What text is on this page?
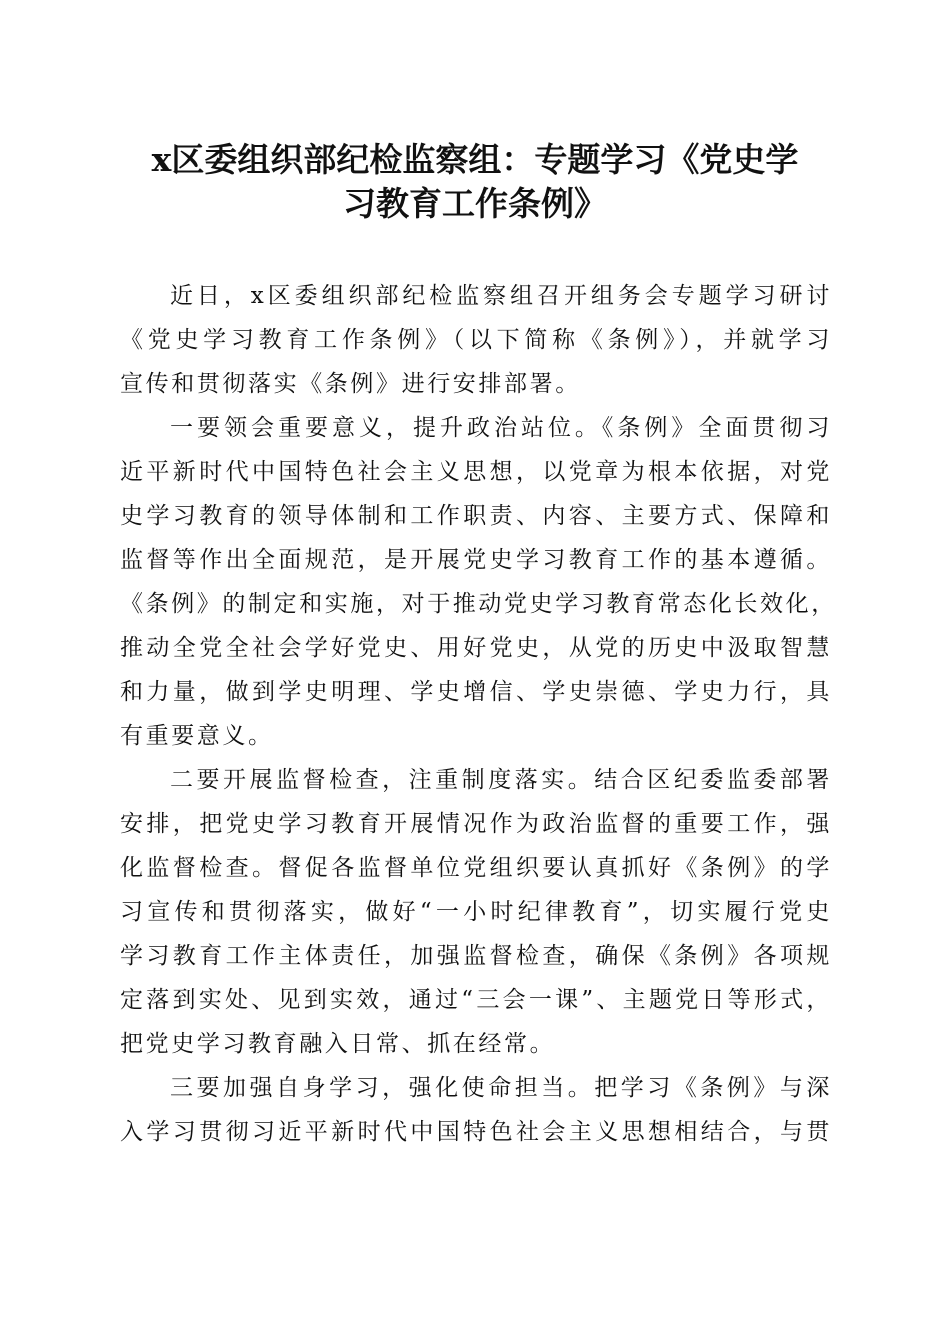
x区委组织部纪检监察组：专题学习《党史学
习教育工作条例》
近日，x区委组织部纪检监察组召开组务会专题学习研讨
《党史学习教育工作条例》（以下简称《条例》），并就学习
宣传和贯彻落实《条例》进行安排部署。
一要领会重要意义，提升政治站位。《条例》全面贯彻习
近平新时代中国特色社会主义思想，以党章为根本依据，对党
史学习教育的领导体制和工作职责、内容、主要方式、保障和
监督等作出全面规范，是开展党史学习教育工作的基本遵循。
《条例》的制定和实施，对于推动党史学习教育常态化长效化，
推动全党全社会学好党史、用好党史，从党的历史中汲取智慧
和力量，做到学史明理、学史增信、学史崇德、学史力行，具
有重要意义。
二要开展监督检查，注重制度落实。结合区纪委监委部署
安排，把党史学习教育开展情况作为政治监督的重要工作，强
化监督检查。督促各监督单位党组织要认真抓好《条例》的学
习宣传和贯彻落实，做好“一小时纪律教育”，切实履行党史
学习教育工作主体责任，加强监督检查，确保《条例》各项规
定落到实处、见到实效，通过“三会一课”、主题党日等形式，
把党史学习教育融入日常、抓在经常。
三要加强自身学习，强化使命担当。把学习《条例》与深
入学习贯彻习近平新时代中国特色社会主义思想相结合，与贯
